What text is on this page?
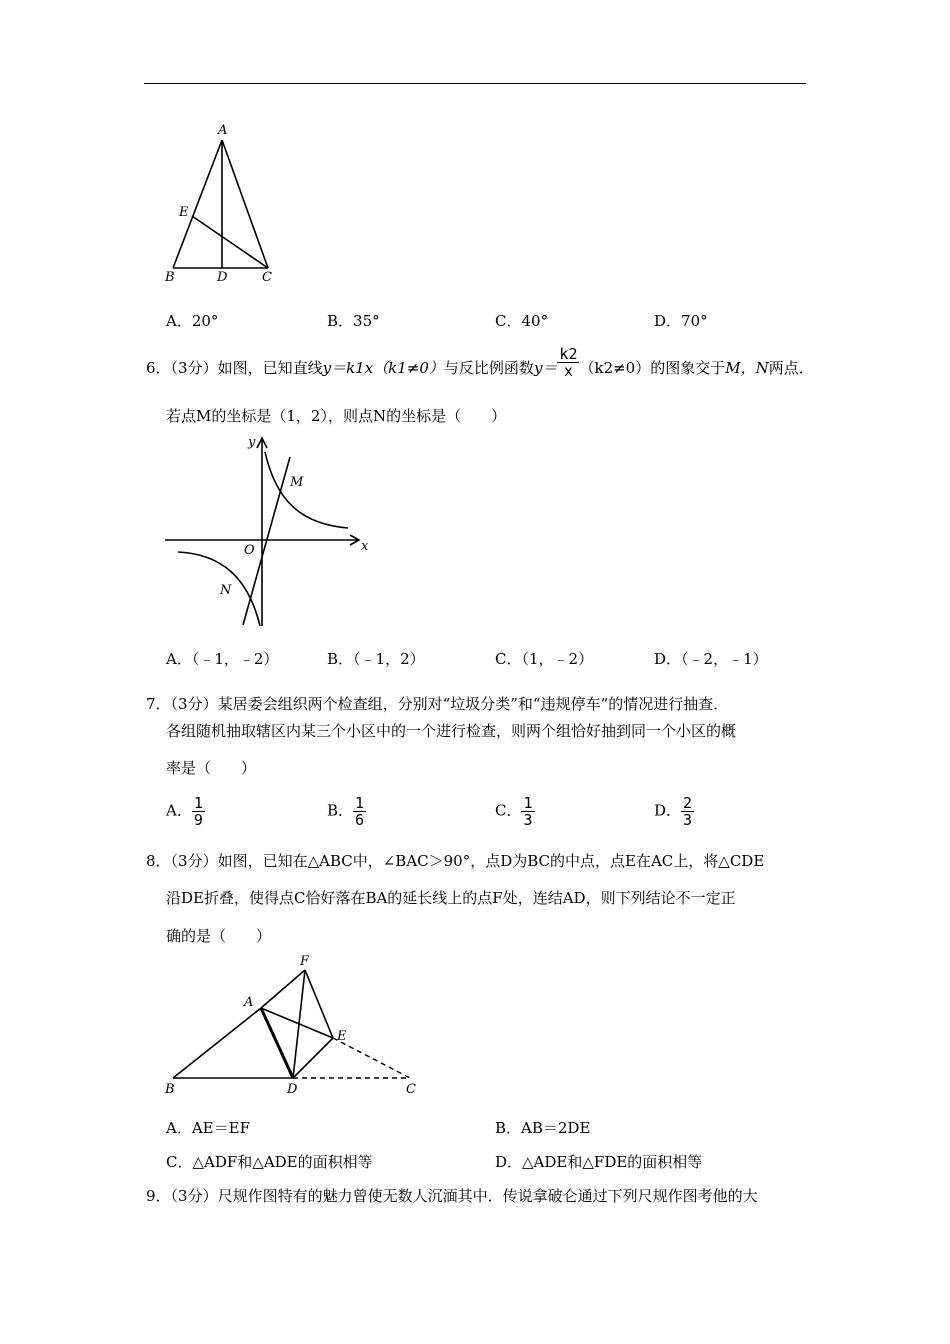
A
E
B	D	C
A．20°	B．35°	C．40°	D．70°
6．（3分）如图，已知直线y＝k1x（k1≠0）与反比例函数$y= \frac{k2}{x} (k2\ne 0)$的图象交于M，N两点．
若点M的坐标是（1，2），则点N的坐标是（　　）
y
x
O
M
N
A．（﹣1，﹣2）	B．（﹣1，2）	C．（1，﹣2）	D．（﹣2，﹣1）
7．（3分）某居委会组织两个检查组，分别对“垃圾分类”和“违规停车”的情况进行抽查．
各组随机抽取辖区内某三个小区中的一个进行检查，则两个组恰好抽到同一个小区的概
率是（　　）
A． $\frac{1}{9}$	B． $\frac{1}{6}$	C． $\frac{1}{3}$	D． $\frac{2}{3}$
8．（3分）如图，已知在△ABC中，∠BAC＞90°，点D为BC的中点，点E在AC上，将△CDE
沿DE折叠，使得点C恰好落在BA的延长线上的点F处，连结AD，则下列结论不一定正
确的是（　　）
F
A
E
B	D	C
A．AE＝EF	B．AB＝2DE
C．△ADF和△ADE的面积相等	D．△ADE和△FDE的面积相等
9．（3分）尺规作图特有的魅力曾使无数人沉湎其中．传说拿破仑通过下列尺规作图考他的大
